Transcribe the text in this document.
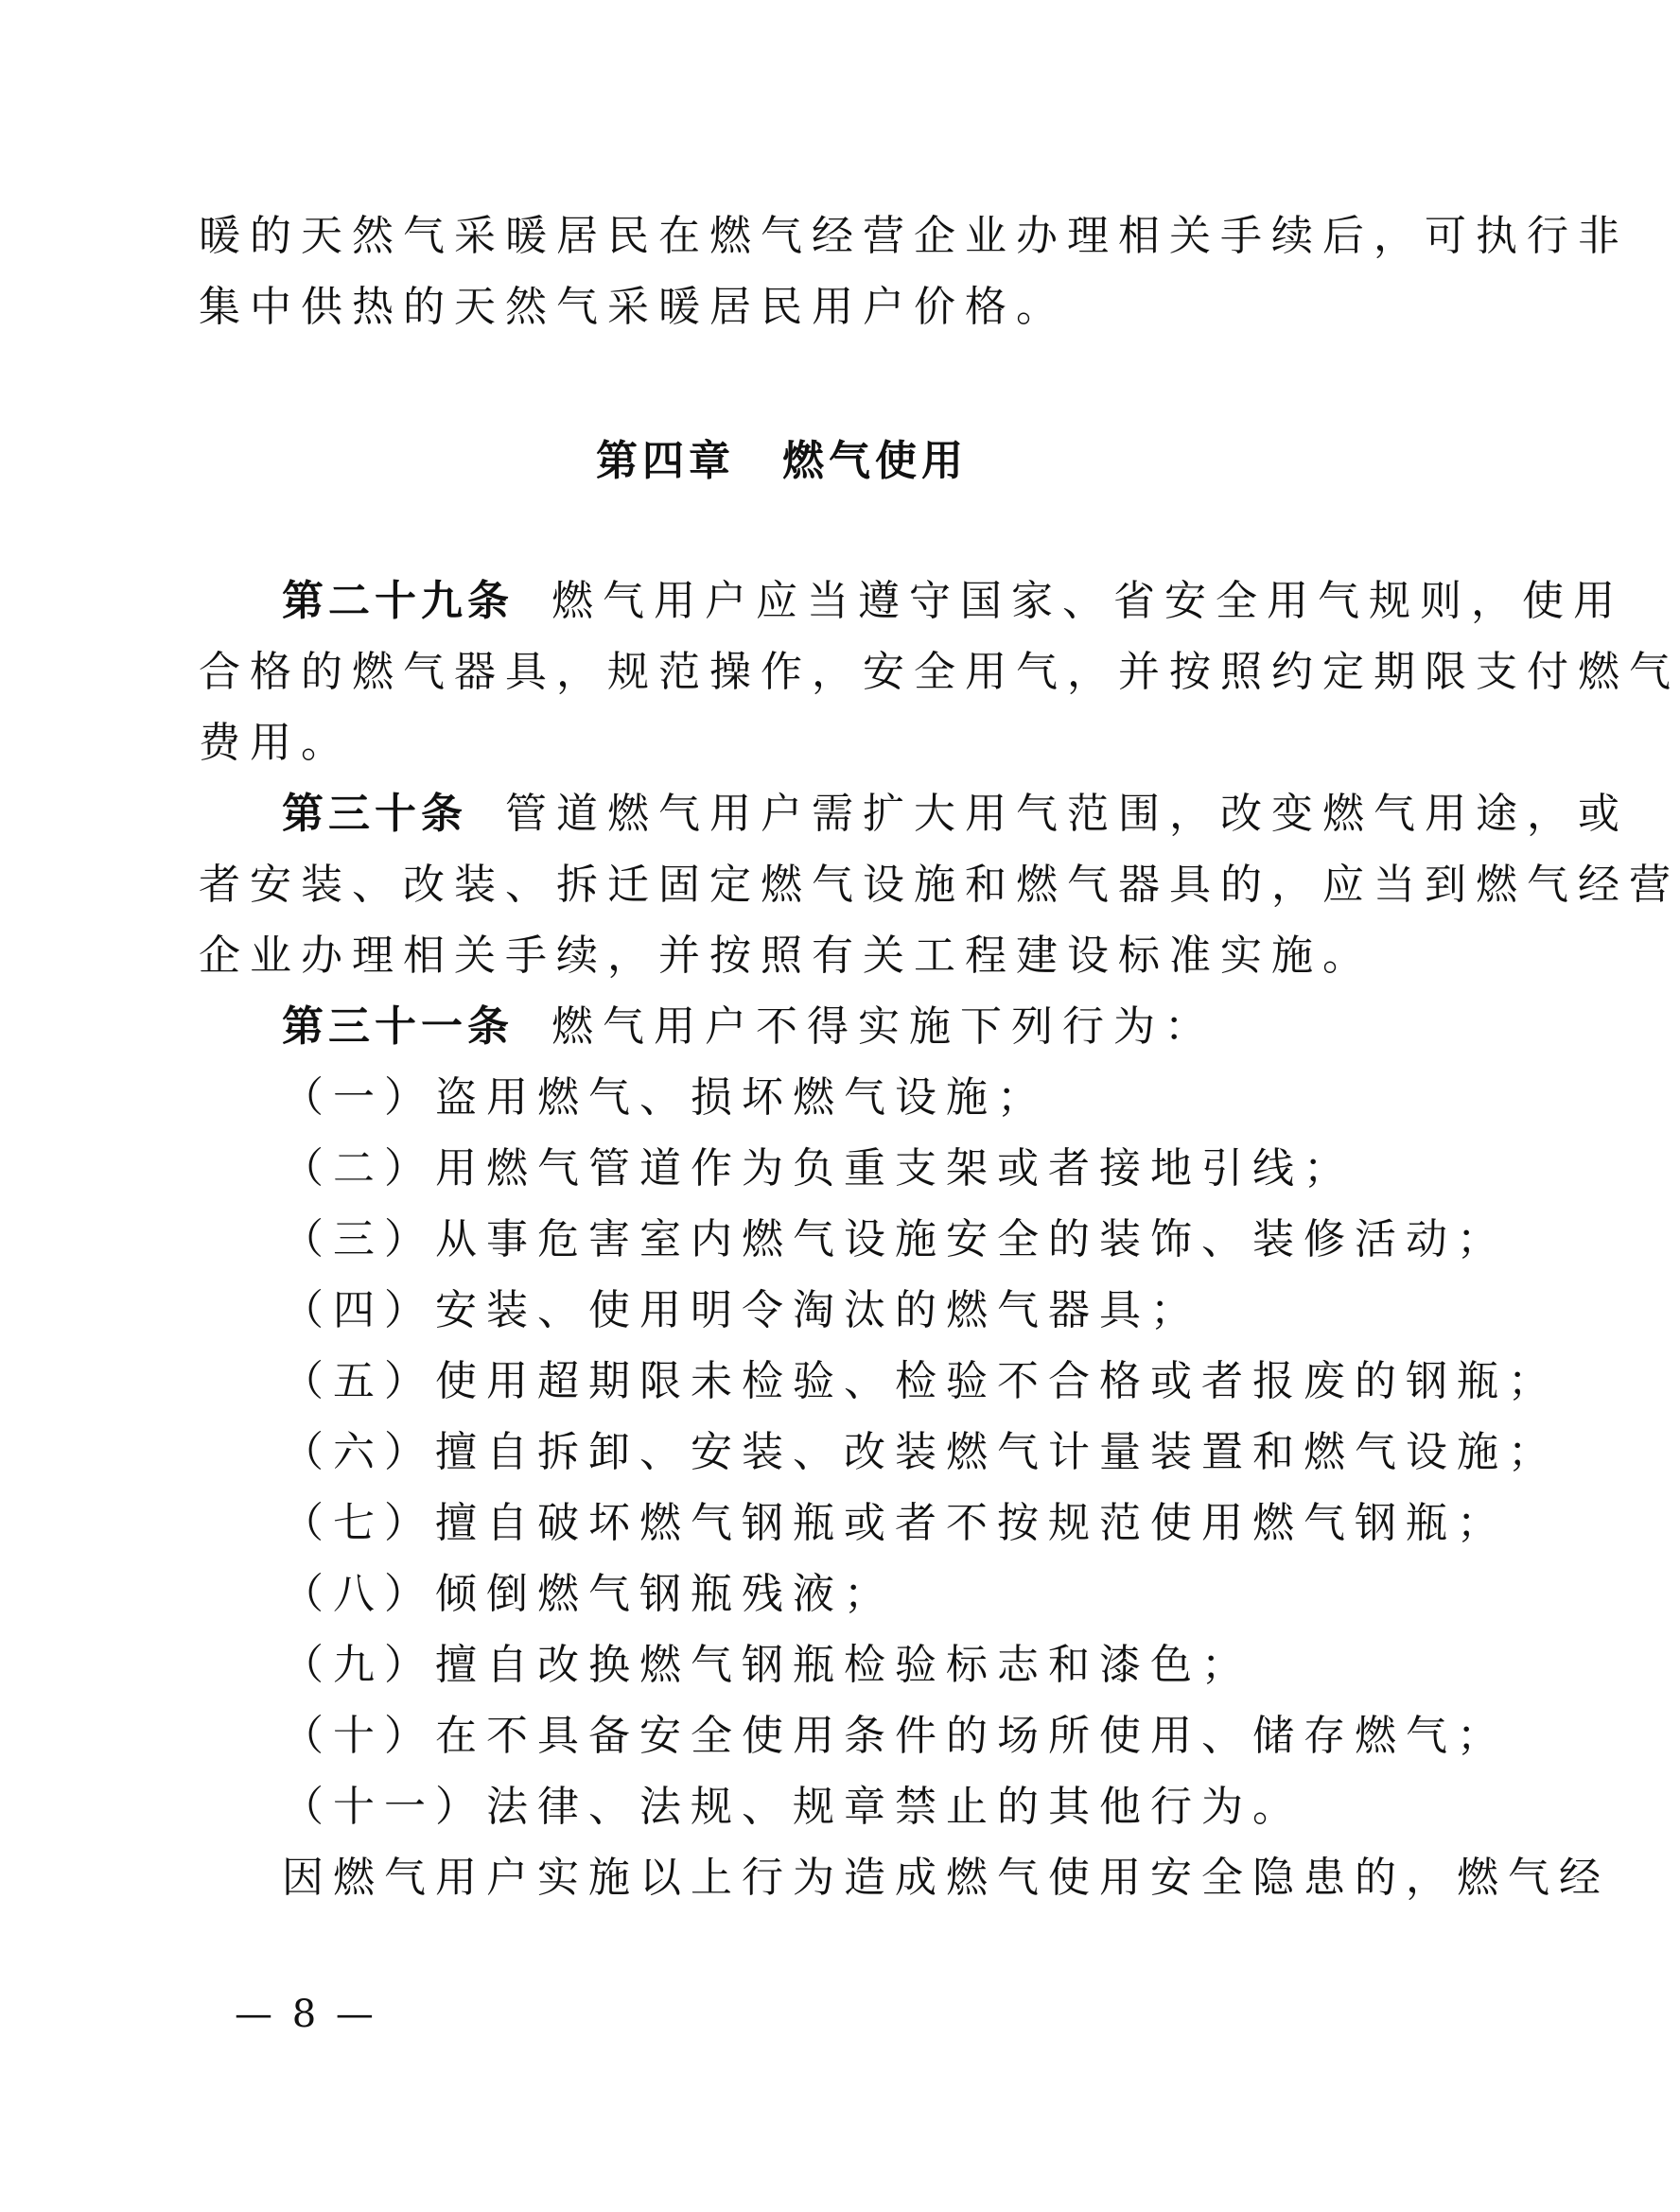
暖的天然气采暖居民在燃气经营企业办理相关手续后，可执行非
集中供热的天然气采暖居民用户价格。
第四章 燃气使用
第二十九条 燃气用户应当遵守国家、省安全用气规则，使用
合格的燃气器具，规范操作，安全用气，并按照约定期限支付燃气
费用。
第三十条 管道燃气用户需扩大用气范围，改变燃气用途，或
者安装、改装、拆迁固定燃气设施和燃气器具的，应当到燃气经营
企业办理相关手续，并按照有关工程建设标准实施。
第三十一条 燃气用户不得实施下列行为：
（一）盗用燃气、损坏燃气设施；
（二）用燃气管道作为负重支架或者接地引线；
（三）从事危害室内燃气设施安全的装饰、装修活动；
（四）安装、使用明令淘汰的燃气器具；
（五）使用超期限未检验、检验不合格或者报废的钢瓶；
（六）擅自拆卸、安装、改装燃气计量装置和燃气设施；
（七）擅自破坏燃气钢瓶或者不按规范使用燃气钢瓶；
（八）倾倒燃气钢瓶残液；
（九）擅自改换燃气钢瓶检验标志和漆色；
（十）在不具备安全使用条件的场所使用、储存燃气；
（十一）法律、法规、规章禁止的其他行为。
因燃气用户实施以上行为造成燃气使用安全隐患的，燃气经
— 8 —
